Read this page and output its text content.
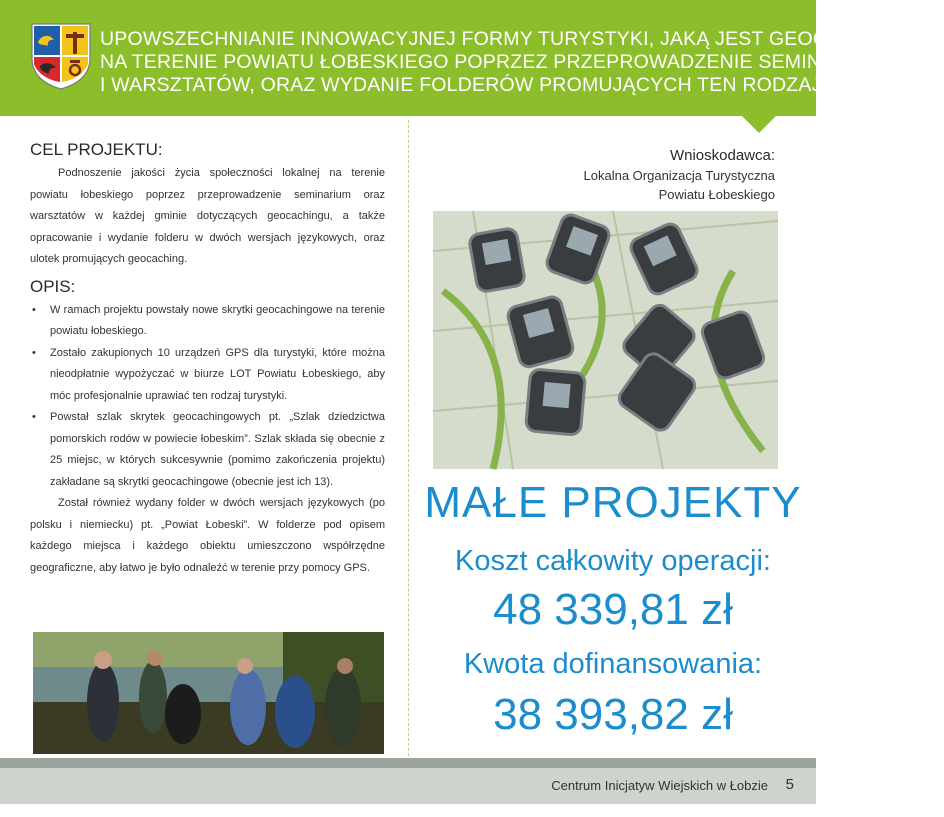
UPOWSZECHNIANIE INNOWACYJNEJ FORMY TURYSTYKI, JAKĄ JEST GEOCACHING,
NA TERENIE POWIATU ŁOBESKIEGO POPRZEZ PRZEPROWADZENIE SEMINARIUM
I WARSZTATÓW, ORAZ WYDANIE FOLDERÓW PROMUJĄCYCH TEN RODZAJ TURYSTYKI”
CEL PROJEKTU:

Podnoszenie jakości życia społeczności lokalnej na terenie powiatu łobeskiego poprzez przeprowadzenie seminarium oraz warsztatów w każdej gminie dotyczących geocachingu, a także opracowanie i wydanie folderu w dwóch wersjach językowych, oraz ulotek promujących geocaching.

OPIS:
• W ramach projektu powstały nowe skrytki geocachingowe na terenie powiatu łobeskiego.
• Zostało zakupionych 10 urządzeń GPS dla turystyki, które można nieodpłatnie wypożyczać w biurze LOT Powiatu Łobeskiego, aby móc profesjonalnie uprawiać ten rodzaj turystyki.
• Powstał szlak skrytek geocachingowych pt. „Szlak dziedzictwa pomorskich rodów w powiecie łobeskim”. Szlak składa się obecnie z 25 miejsc, w których sukcesywnie (pomimo zakończenia projektu) zakładane są skrytki geocachingowe (obecnie jest ich 13).

Został również wydany folder w dwóch wersjach językowych (po polsku i niemiecku) pt. „Powiat Łobeski”. W folderze pod opisem każdego miejsca i każdego obiektu umieszczono współrzędne geograficzne, aby łatwo je było odnaleźć w terenie przy pomocy GPS.

Wnioskodawca:
Lokalna Organizacja Turystyczna
Powiatu Łobeskiego
MAŁE PROJEKTY
Koszt całkowity operacji:
48 339,81 zł
Kwota dofinansowania:
38 393,82 zł
Centrum Inicjatyw Wiejskich w Łobzie 5
